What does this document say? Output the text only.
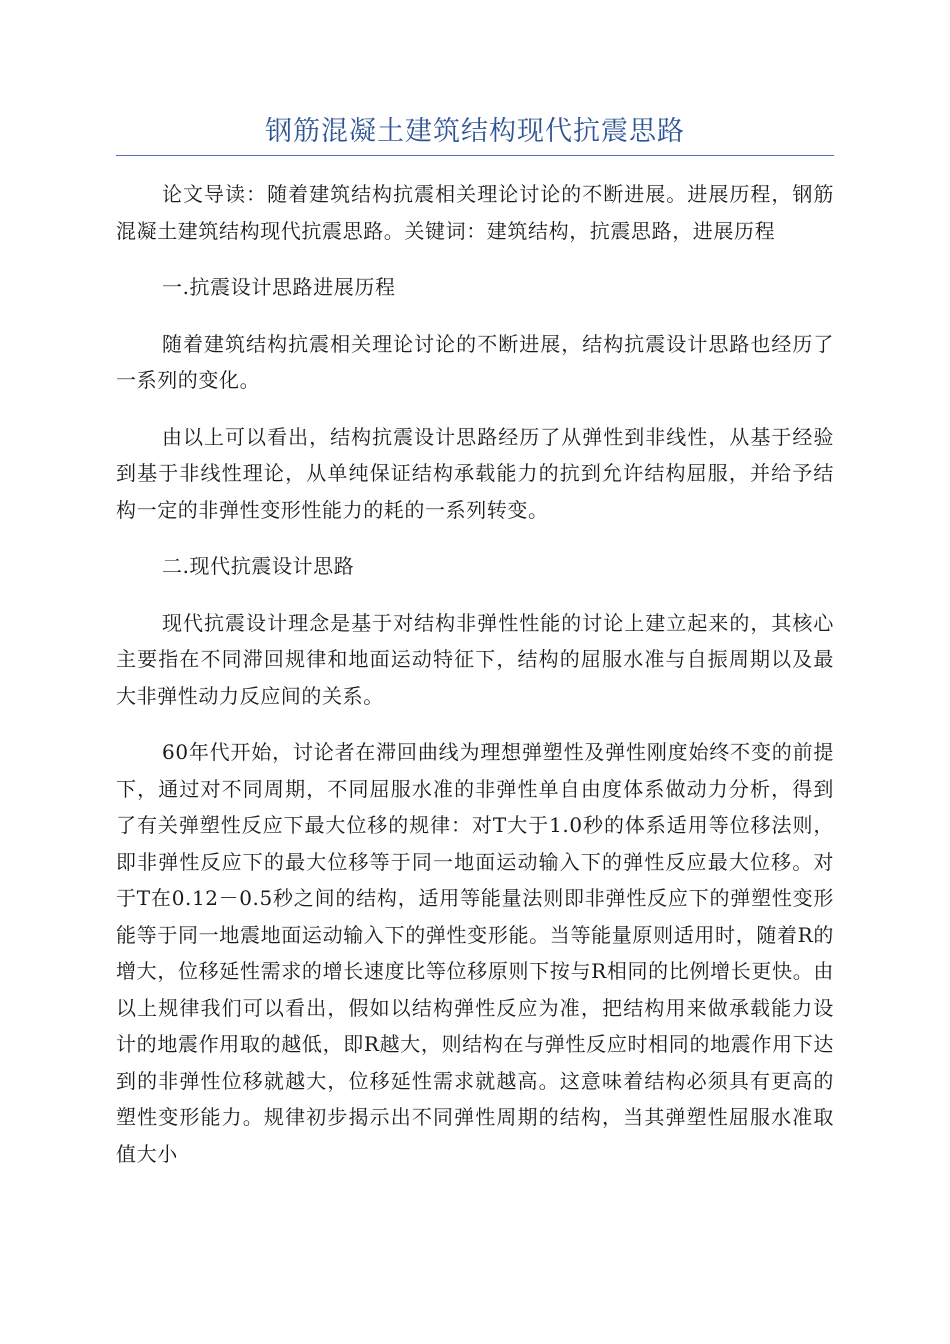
钢筋混凝土建筑结构现代抗震思路

论文导读：随着建筑结构抗震相关理论讨论的不断进展。进展历程，钢筋混凝土建筑结构现代抗震思路。关键词：建筑结构，抗震思路，进展历程

一.抗震设计思路进展历程

随着建筑结构抗震相关理论讨论的不断进展，结构抗震设计思路也经历了一系列的变化。

由以上可以看出，结构抗震设计思路经历了从弹性到非线性，从基于经验到基于非线性理论，从单纯保证结构承载能力的抗到允许结构屈服，并给予结构一定的非弹性变形性能力的耗的一系列转变。

二.现代抗震设计思路

现代抗震设计理念是基于对结构非弹性性能的讨论上建立起来的，其核心主要指在不同滞回规律和地面运动特征下，结构的屈服水准与自振周期以及最大非弹性动力反应间的关系。

60年代开始，讨论者在滞回曲线为理想弹塑性及弹性刚度始终不变的前提下，通过对不同周期，不同屈服水准的非弹性单自由度体系做动力分析，得到了有关弹塑性反应下最大位移的规律：对T大于1.0秒的体系适用等位移法则，即非弹性反应下的最大位移等于同一地面运动输入下的弹性反应最大位移。对于T在0.12－0.5秒之间的结构，适用等能量法则即非弹性反应下的弹塑性变形能等于同一地震地面运动输入下的弹性变形能。当等能量原则适用时，随着R的增大，位移延性需求的增长速度比等位移原则下按与R相同的比例增长更快。由以上规律我们可以看出，假如以结构弹性反应为准，把结构用来做承载能力设计的地震作用取的越低，即R越大，则结构在与弹性反应时相同的地震作用下达到的非弹性位移就越大，位移延性需求就越高。这意味着结构必须具有更高的塑性变形能力。规律初步揭示出不同弹性周期的结构，当其弹塑性屈服水准取值大小
